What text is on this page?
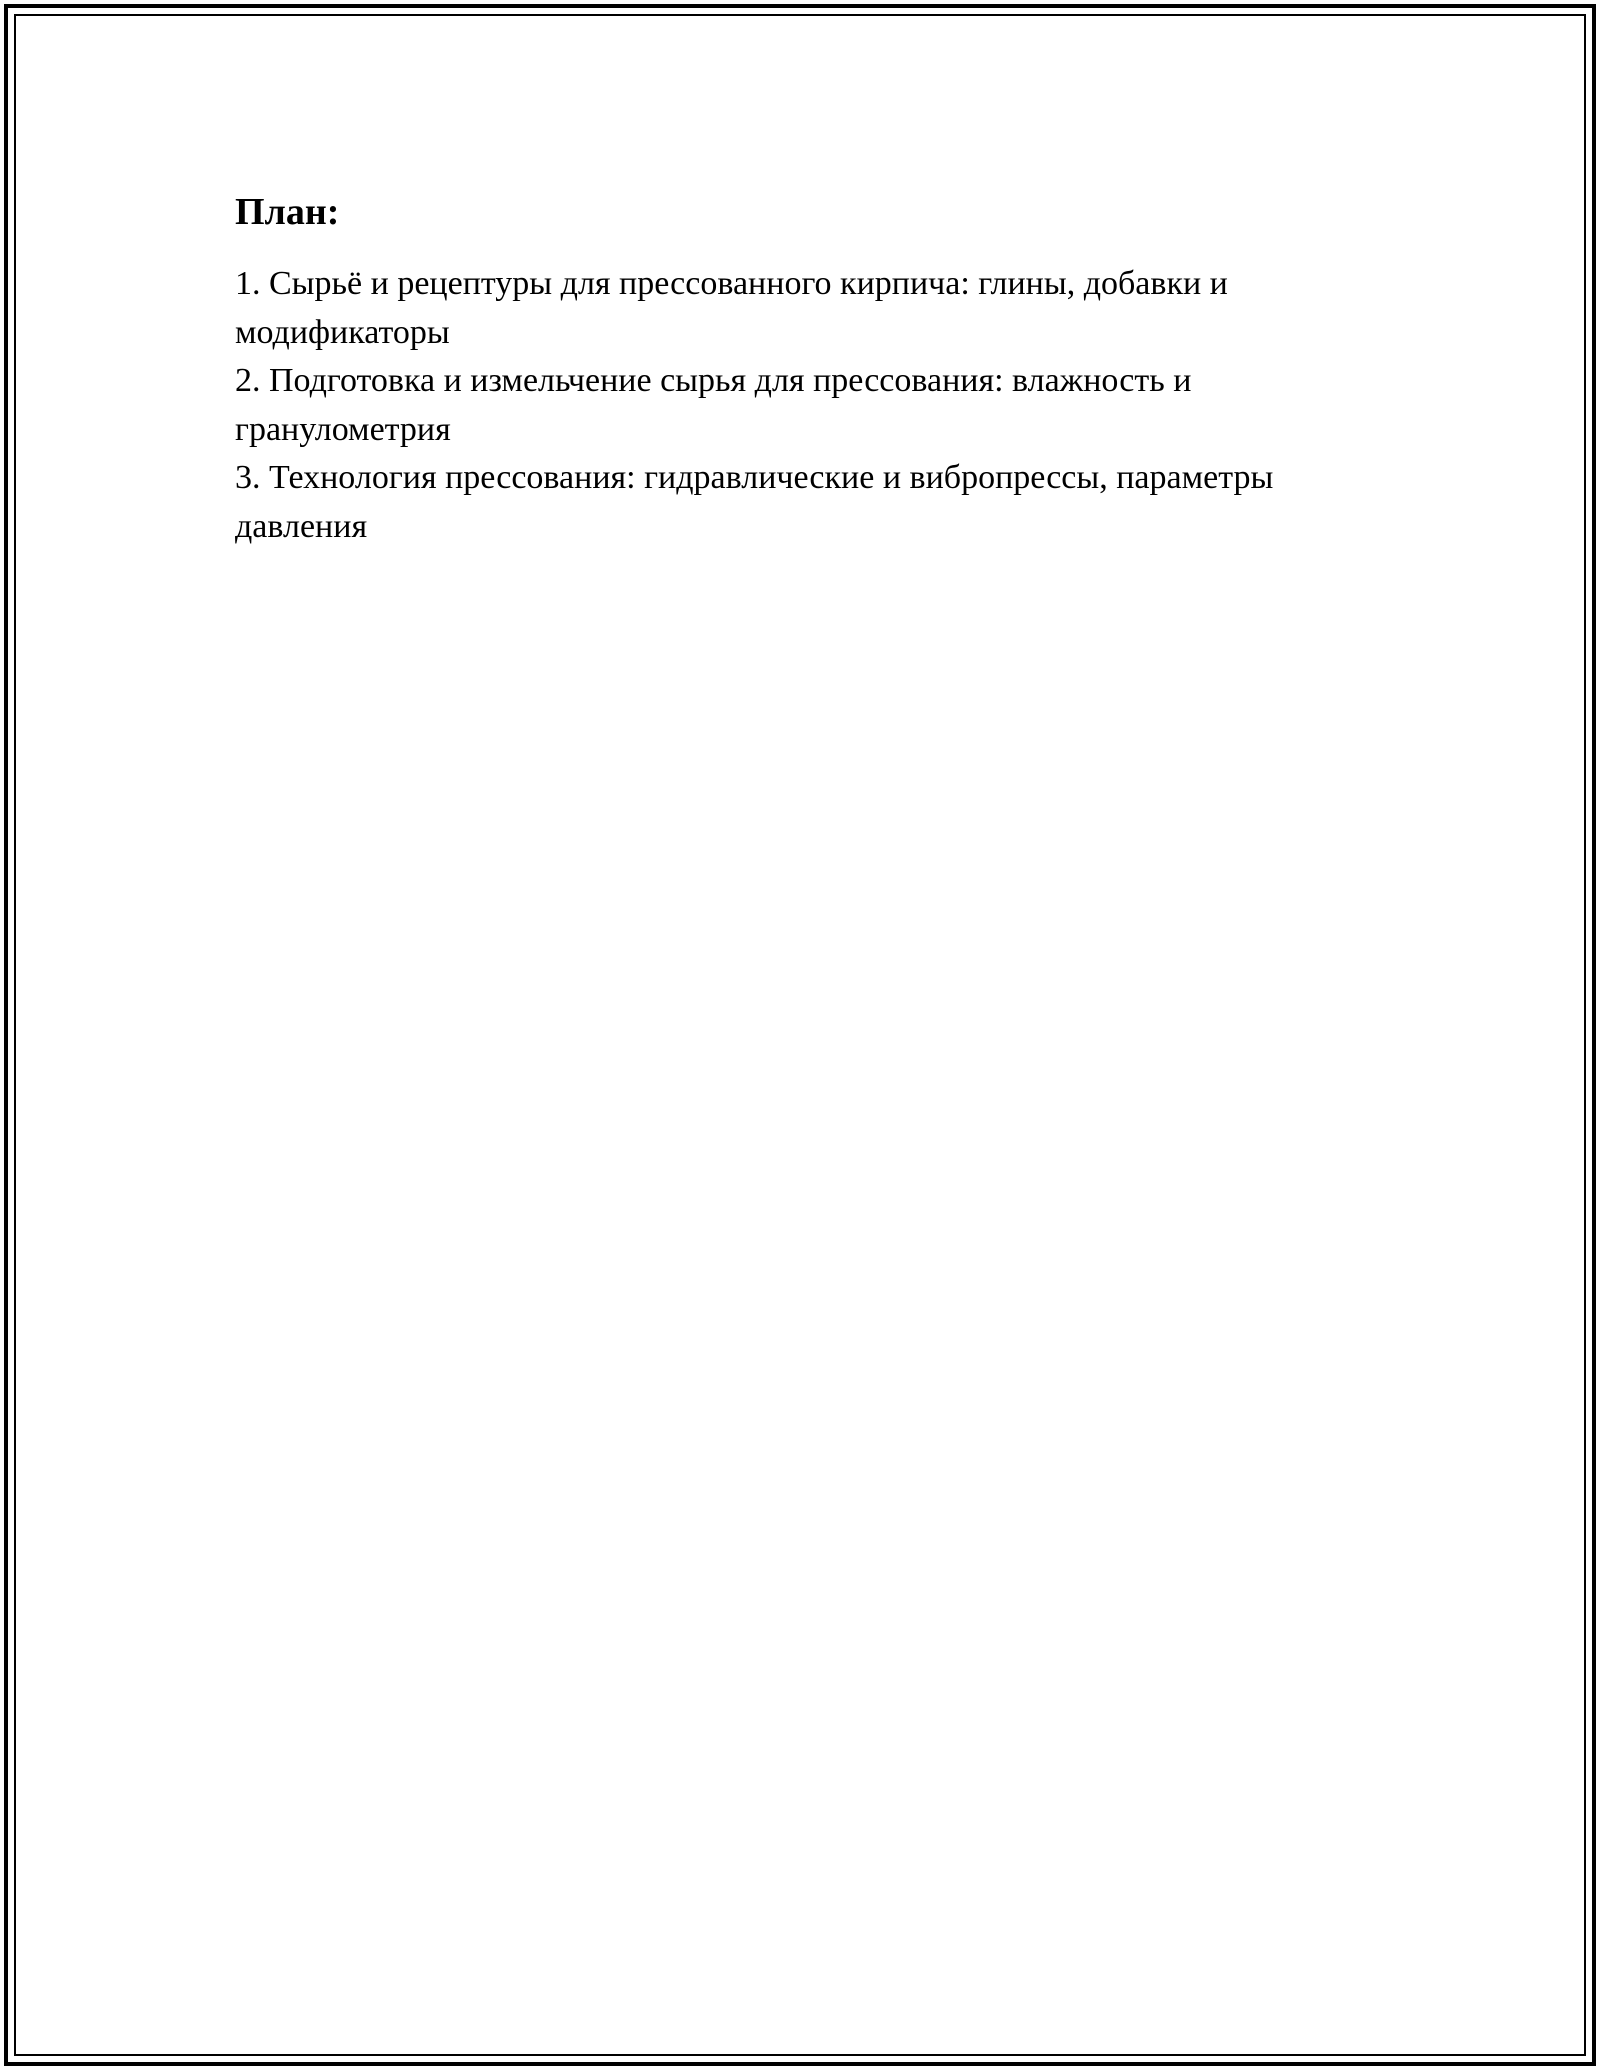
План:
1. Сырьё и рецептуры для прессованного кирпича: глины, добавки и модификаторы
2. Подготовка и измельчение сырья для прессования: влажность и гранулометрия
3. Технология прессования: гидравлические и вибропрессы, параметры давления
